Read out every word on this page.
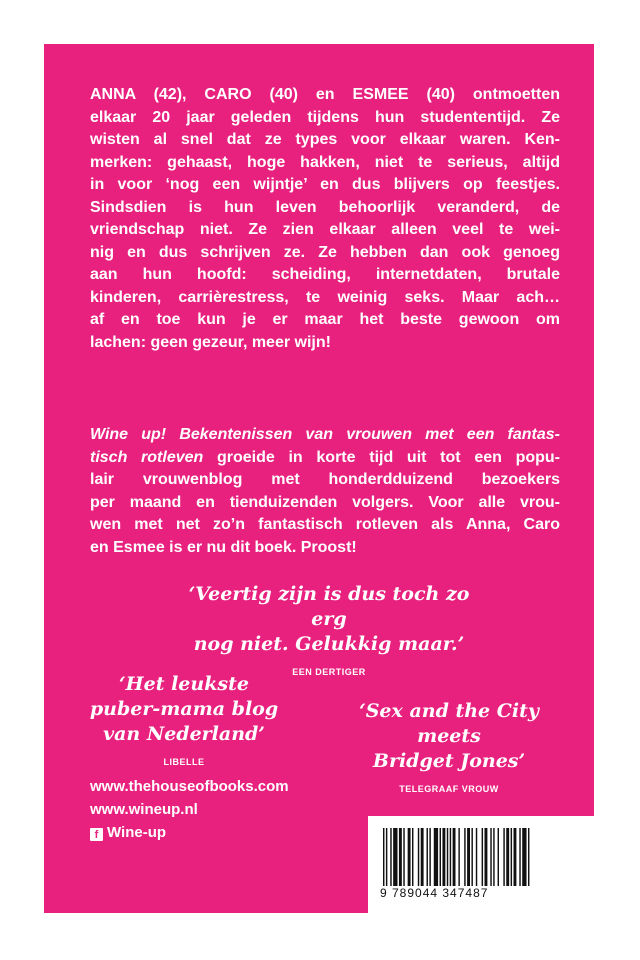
ANNA (42), CARO (40) en ESMEE (40) ontmoetten
elkaar 20 jaar geleden tijdens hun studententijd. Ze
wisten al snel dat ze types voor elkaar waren. Ken-
merken: gehaast, hoge hakken, niet te serieus, altijd
in voor ‘nog een wijntje’ en dus blijvers op feestjes.
Sindsdien is hun leven behoorlijk veranderd, de
vriendschap niet. Ze zien elkaar alleen veel te wei-
nig en dus schrijven ze. Ze hebben dan ook genoeg
aan hun hoofd: scheiding, internetdaten, brutale
kinderen, carrièrestress, te weinig seks. Maar ach…
af en toe kun je er maar het beste gewoon om
lachen: geen gezeur, meer wijn!
Wine up! Bekentenissen van vrouwen met een fantas-
tisch rotleven groeide in korte tijd uit tot een popu-
lair vrouwenblog met honderdduizend bezoekers
per maand en tienduizenden volgers. Voor alle vrou-
wen met net zo’n fantastisch rotleven als Anna, Caro
en Esmee is er nu dit boek. Proost!
‘Veertig zijn is dus toch zo erg
nog niet. Gelukkig maar.’
EEN DERTIGER
‘Het leukste
puber-mama blog
van Nederland’
LIBELLE
‘Sex and the City meets
Bridget Jones’
TELEGRAAF VROUW
www.thehouseofbooks.com
www.wineup.nl
f Wine-up
9 789044 347487
